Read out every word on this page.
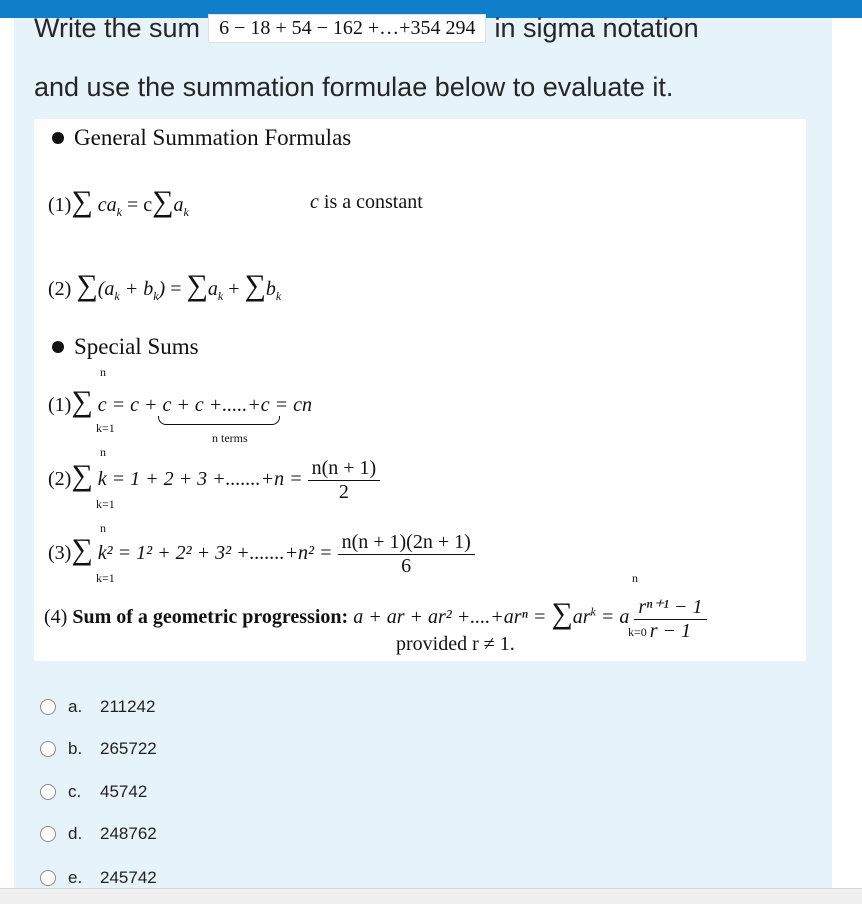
Write the sum 6 − 18 + 54 − 162 +…+354 294 in sigma notation
and use the summation formulae below to evaluate it.
General Summation Formulas
(1)∑ $ca_k = c\sum a_k$	c is a constant
(2) $\sum(a_k + b_k) = \sum a_k + \sum b_k$
Special Sums
n
(1)∑ c = c + c + c +.....+c = cn
k=1
n terms
n
(2)∑ $k = 1 + 2 + 3 +.......+n = \frac{n(n + 1)}{2}$
k=1
n
(3)∑ $k^2 = 1^2 + 2^2 + 3^2 +.......+n^2 = \frac{n(n + 1)(2n + 1)}{6}$
k=1	n
(4) Sum of a geometric progression: a + ar + $ar^2 +....+ar^n = \sum ar^k = a \frac{\text{rⁿ⁺¹ − 1}}{r - 1}$
k=0
provided r ≠ 1.
a.	211242
b.	265722
c.	45742
d.	248762
e.	245742
